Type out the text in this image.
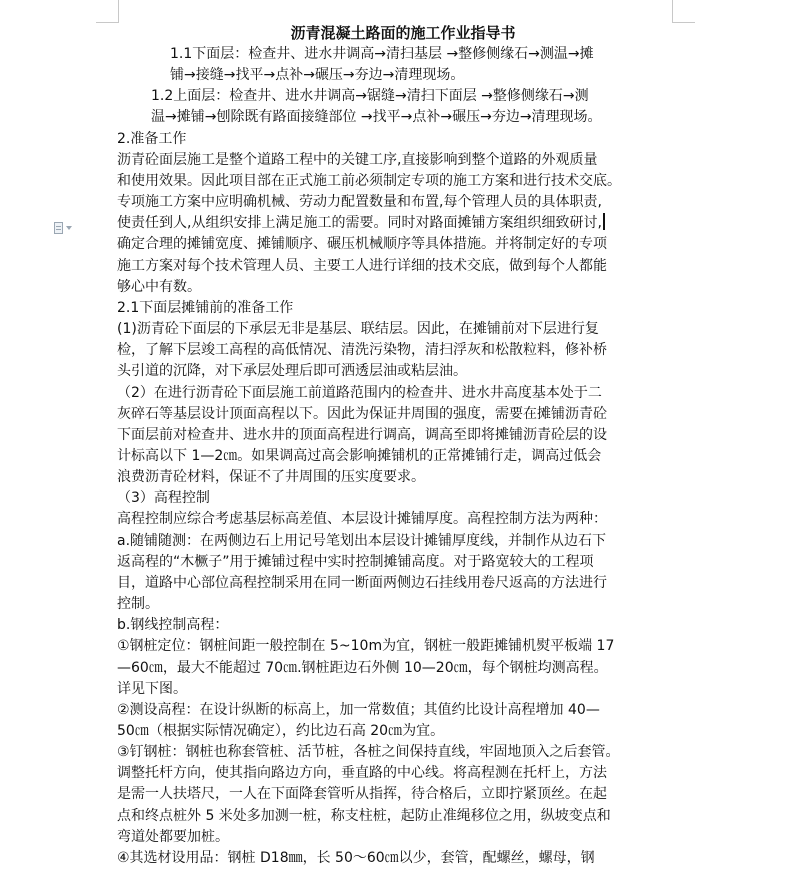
沥青混凝土路面的施工作业指导书

1.1下面层：检查井、进水井调高→清扫基层 →整修侧缘石→测温→摊
铺→接缝→找平→点补→碾压→夯边→清理现场。

1.2上面层：检查井、进水井调高→锯缝→清扫下面层 →整修侧缘石→测
温→摊铺→刨除既有路面接缝部位 →找平→点补→碾压→夯边→清理现场。

2.准备工作

沥青砼面层施工是整个道路工程中的关键工序,直接影响到整个道路的外观质量
和使用效果。因此项目部在正式施工前必须制定专项的施工方案和进行技术交底。
专项施工方案中应明确机械、劳动力配置数量和布置,每个管理人员的具体职责,
使责任到人,从组织安排上满足施工的需要。同时对路面摊铺方案组织细致研讨,
确定合理的摊铺宽度、摊铺顺序、碾压机械顺序等具体措施。并将制定好的专项
施工方案对每个技术管理人员、主要工人进行详细的技术交底，做到每个人都能
够心中有数。

2.1下面层摊铺前的准备工作

(1)沥青砼下面层的下承层无非是基层、联结层。因此，在摊铺前对下层进行复
检，了解下层竣工高程的高低情况、清洗污染物，清扫浮灰和松散粒料，修补桥
头引道的沉降，对下承层处理后即可洒透层油或粘层油。

（2）在进行沥青砼下面层施工前道路范围内的检查井、进水井高度基本处于二
灰碎石等基层设计顶面高程以下。因此为保证井周围的强度，需要在摊铺沥青砼
下面层前对检查井、进水井的顶面高程进行调高，调高至即将摊铺沥青砼层的设
计标高以下 1—2㎝。如果调高过高会影响摊铺机的正常摊铺行走，调高过低会
浪费沥青砼材料，保证不了井周围的压实度要求。

（3）高程控制

高程控制应综合考虑基层标高差值、本层设计摊铺厚度。高程控制方法为两种：
a.随铺随测：在两侧边石上用记号笔划出本层设计摊铺厚度线，并制作从边石下
返高程的“木橛子”用于摊铺过程中实时控制摊铺高度。对于路宽较大的工程项
目，道路中心部位高程控制采用在同一断面两侧边石挂线用卷尺返高的方法进行
控制。

b.钢线控制高程：

①钢桩定位：钢桩间距一般控制在 5~10m为宜，钢桩一般距摊铺机熨平板端 17
—60㎝，最大不能超过 70㎝.钢桩距边石外侧 10—20㎝，每个钢桩均测高程。
详见下图。

②测设高程：在设计纵断的标高上，加一常数值；其值约比设计高程增加 40—
50㎝（根据实际情况确定），约比边石高 20㎝为宜。

③钉钢桩：钢桩也称套管桩、活节桩，各桩之间保持直线，牢固地顶入之后套管。
调整托杆方向，使其指向路边方向，垂直路的中心线。将高程测在托杆上，方法
是需一人扶塔尺，一人在下面降套管听从指挥，待合格后，立即拧紧顶丝。在起
点和终点桩外 5 米处多加测一桩，称支柱桩，起防止准绳移位之用，纵坡变点和
弯道处都要加桩。

④其选材设用品：钢桩 D18㎜，长 50～60㎝以少，套管，配螺丝，螺母，钢
